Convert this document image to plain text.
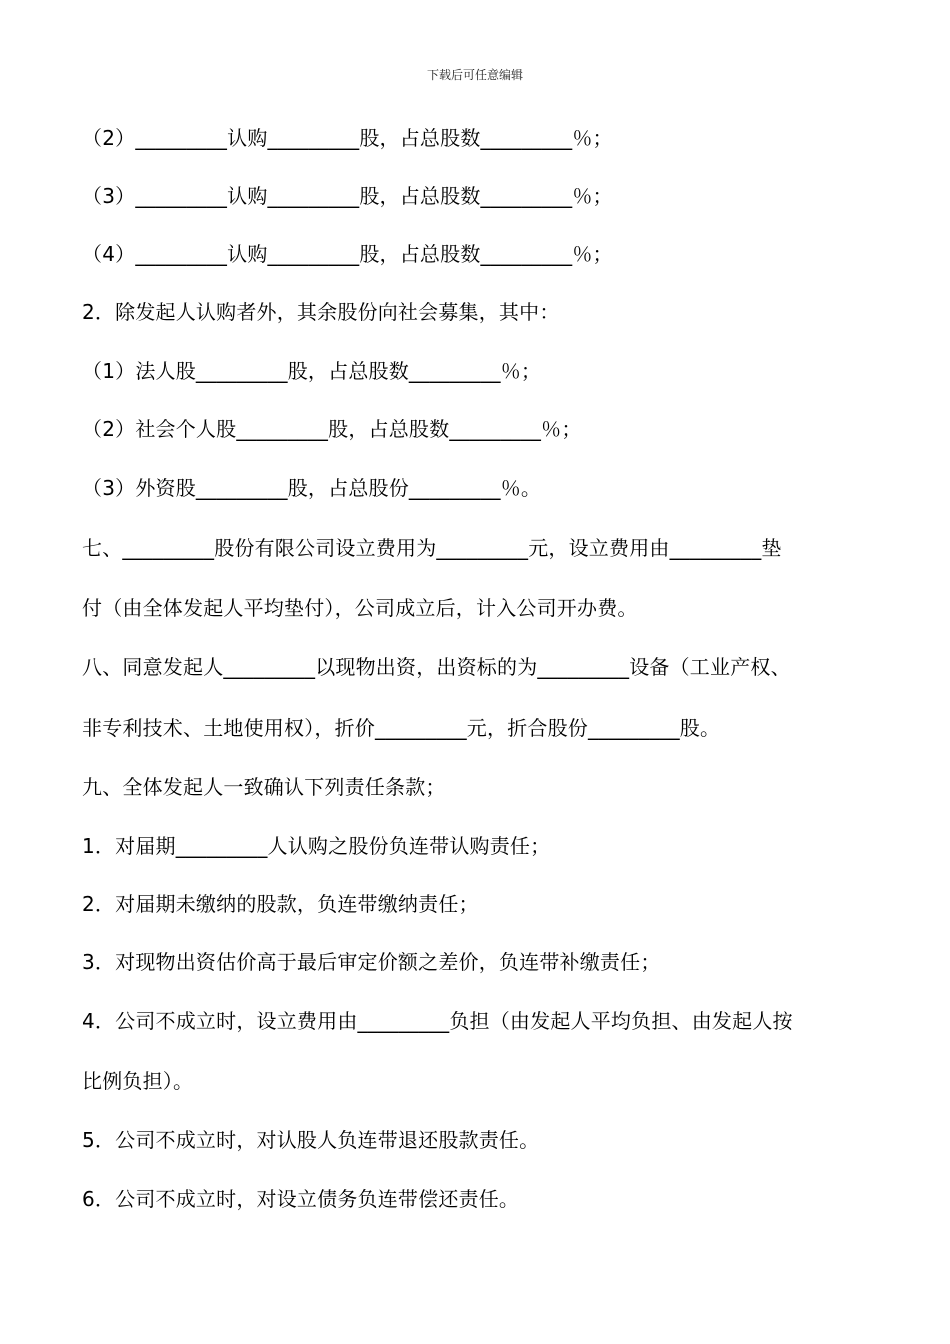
下载后可任意编辑
（2）_________认购_________股，占总股数_________％；
（3）_________认购_________股，占总股数_________％；
（4）_________认购_________股，占总股数_________％；
2．除发起人认购者外，其余股份向社会募集，其中：
（1）法人股_________股，占总股数_________％；
（2）社会个人股_________股，占总股数_________％；
（3）外资股_________股，占总股份_________％。
七、_________股份有限公司设立费用为_________元，设立费用由_________垫
付（由全体发起人平均垫付），公司成立后，计入公司开办费。
八、同意发起人_________以现物出资，出资标的为_________设备（工业产权、
非专利技术、土地使用权），折价_________元，折合股份_________股。
九、全体发起人一致确认下列责任条款；
1．对届期_________人认购之股份负连带认购责任；
2．对届期未缴纳的股款，负连带缴纳责任；
3．对现物出资估价高于最后审定价额之差价，负连带补缴责任；
4．公司不成立时，设立费用由_________负担（由发起人平均负担、由发起人按
比例负担）。
5．公司不成立时，对认股人负连带退还股款责任。
6．公司不成立时，对设立债务负连带偿还责任。
